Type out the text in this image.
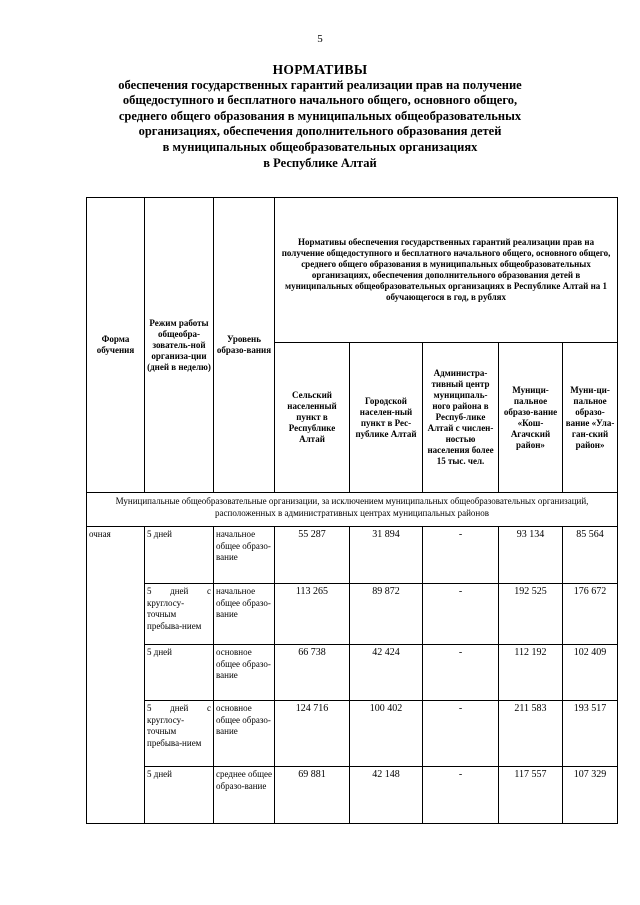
5
НОРМАТИВЫ
обеспечения государственных гарантий реализации прав на получение
общедоступного и бесплатного начального общего, основного общего,
среднего общего образования в муниципальных общеобразовательных
организациях, обеспечения дополнительного образования детей
в муниципальных общеобразовательных организациях
в Республике Алтай
Форма обучения	Режим работы общеобра-зователь-ной организа-ции (дней в неделю)	Уровень образо-вания	Нормативы обеспечения государственных гарантий реализации прав на получение общедоступного и бесплатного начального общего, основного общего, среднего общего образования в муниципальных общеобразовательных организациях, обеспечения дополнительного образования детей в муниципальных общеобразовательных организациях в Республике Алтай на 1 обучающегося в год, в рублях				
			Сельский населенный пункт в Республике Алтай	Городской населен-ный пункт в Рес-публике Алтай	Администра-тивный центр муниципаль-ного района в Респуб-лике Алтай с числен-ностью населения более 15 тыс. чел.	Муници-пальное образо-вание «Кош-Агачский район»	Муни-ци-пальное образо-вание «Ула-ган-ский район»
Муниципальные общеобразовательные организации, за исключением муниципальных общеобразовательных организаций, расположенных в административных центрах муниципальных районов							
очная	5 дней	начальное общее образо-вание	55 287	31 894	-	93 134	85 564
	5 дней с круглосу-точным пребыва-нием	начальное общее образо-вание	113 265	89 872	-	192 525	176 672
	5 дней	основное общее образо-вание	66 738	42 424	-	112 192	102 409
	5 дней с круглосу-точным пребыва-нием	основное общее образо-вание	124 716	100 402	-	211 583	193 517
	5 дней	среднее общее образо-вание	69 881	42 148	-	117 557	107 329
